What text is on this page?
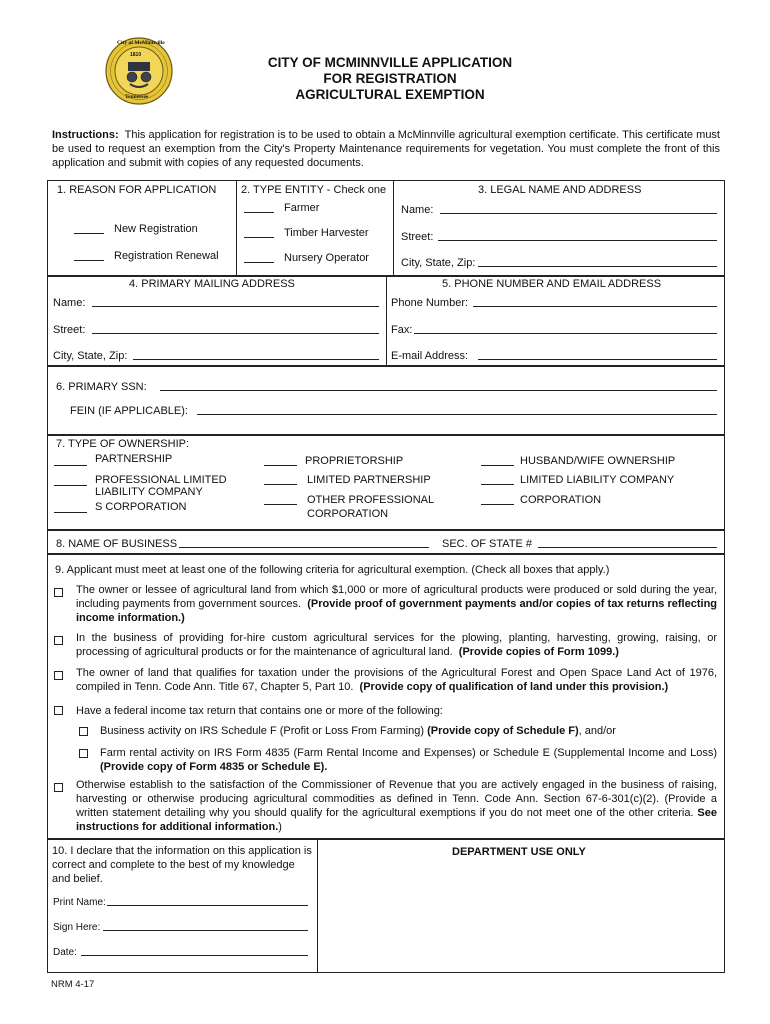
1810
City of McMinnville
Tennessee
CITY OF MCMINNVILLE APPLICATION
FOR REGISTRATION
AGRICULTURAL EXEMPTION
Instructions: This application for registration is to be used to obtain a McMinnville agricultural exemption certificate. This certificate must be used to request an exemption from the City's Property Maintenance requirements for vegetation. You must complete the front of this application and submit with copies of any requested documents.
1. REASON FOR APPLICATION
New Registration
Registration Renewal
2. TYPE ENTITY - Check one
Farmer
Timber Harvester
Nursery Operator
3. LEGAL NAME AND ADDRESS
Name:
Street:
City, State, Zip:
4. PRIMARY MAILING ADDRESS
Name:
Street:
City, State, Zip:
5. PHONE NUMBER AND EMAIL ADDRESS
Phone Number:
Fax:
E-mail Address:
6. PRIMARY SSN:
FEIN (IF APPLICABLE):
7. TYPE OF OWNERSHIP:
PARTNERSHIP
PROFESSIONAL LIMITED
LIABILITY COMPANY
S CORPORATION
PROPRIETORSHIP
LIMITED PARTNERSHIP
OTHER PROFESSIONAL
CORPORATION
HUSBAND/WIFE OWNERSHIP
LIMITED LIABILITY COMPANY
CORPORATION
8. NAME OF BUSINESS	SEC. OF STATE #
9. Applicant must meet at least one of the following criteria for agricultural exemption. (Check all boxes that apply.)
The owner or lessee of agricultural land from which $1,000 or more of agricultural products were produced or sold during the year, including payments from government sources. (Provide proof of government payments and/or copies of tax returns reflecting income information.)
In the business of providing for-hire custom agricultural services for the plowing, planting, harvesting, growing, raising, or processing of agricultural products or for the maintenance of agricultural land. (Provide copies of Form 1099.)
The owner of land that qualifies for taxation under the provisions of the Agricultural Forest and Open Space Land Act of 1976, compiled in Tenn. Code Ann. Title 67, Chapter 5, Part 10. (Provide copy of qualification of land under this provision.)
Have a federal income tax return that contains one or more of the following:
Business activity on IRS Schedule F (Profit or Loss From Farming) (Provide copy of Schedule F), and/or
Farm rental activity on IRS Form 4835 (Farm Rental Income and Expenses) or Schedule E (Supplemental Income and Loss) (Provide copy of Form 4835 or Schedule E).
Otherwise establish to the satisfaction of the Commissioner of Revenue that you are actively engaged in the business of raising, harvesting or otherwise producing agricultural commodities as defined in Tenn. Code Ann. Section 67-6-301(c)(2). (Provide a written statement detailing why you should qualify for the agricultural exemptions if you do not meet one of the other criteria. See instructions for additional information.)
10. I declare that the information on this application is correct and complete to the best of my knowledge and belief.
Print Name:
Sign Here:
Date:
DEPARTMENT USE ONLY
NRM 4-17
